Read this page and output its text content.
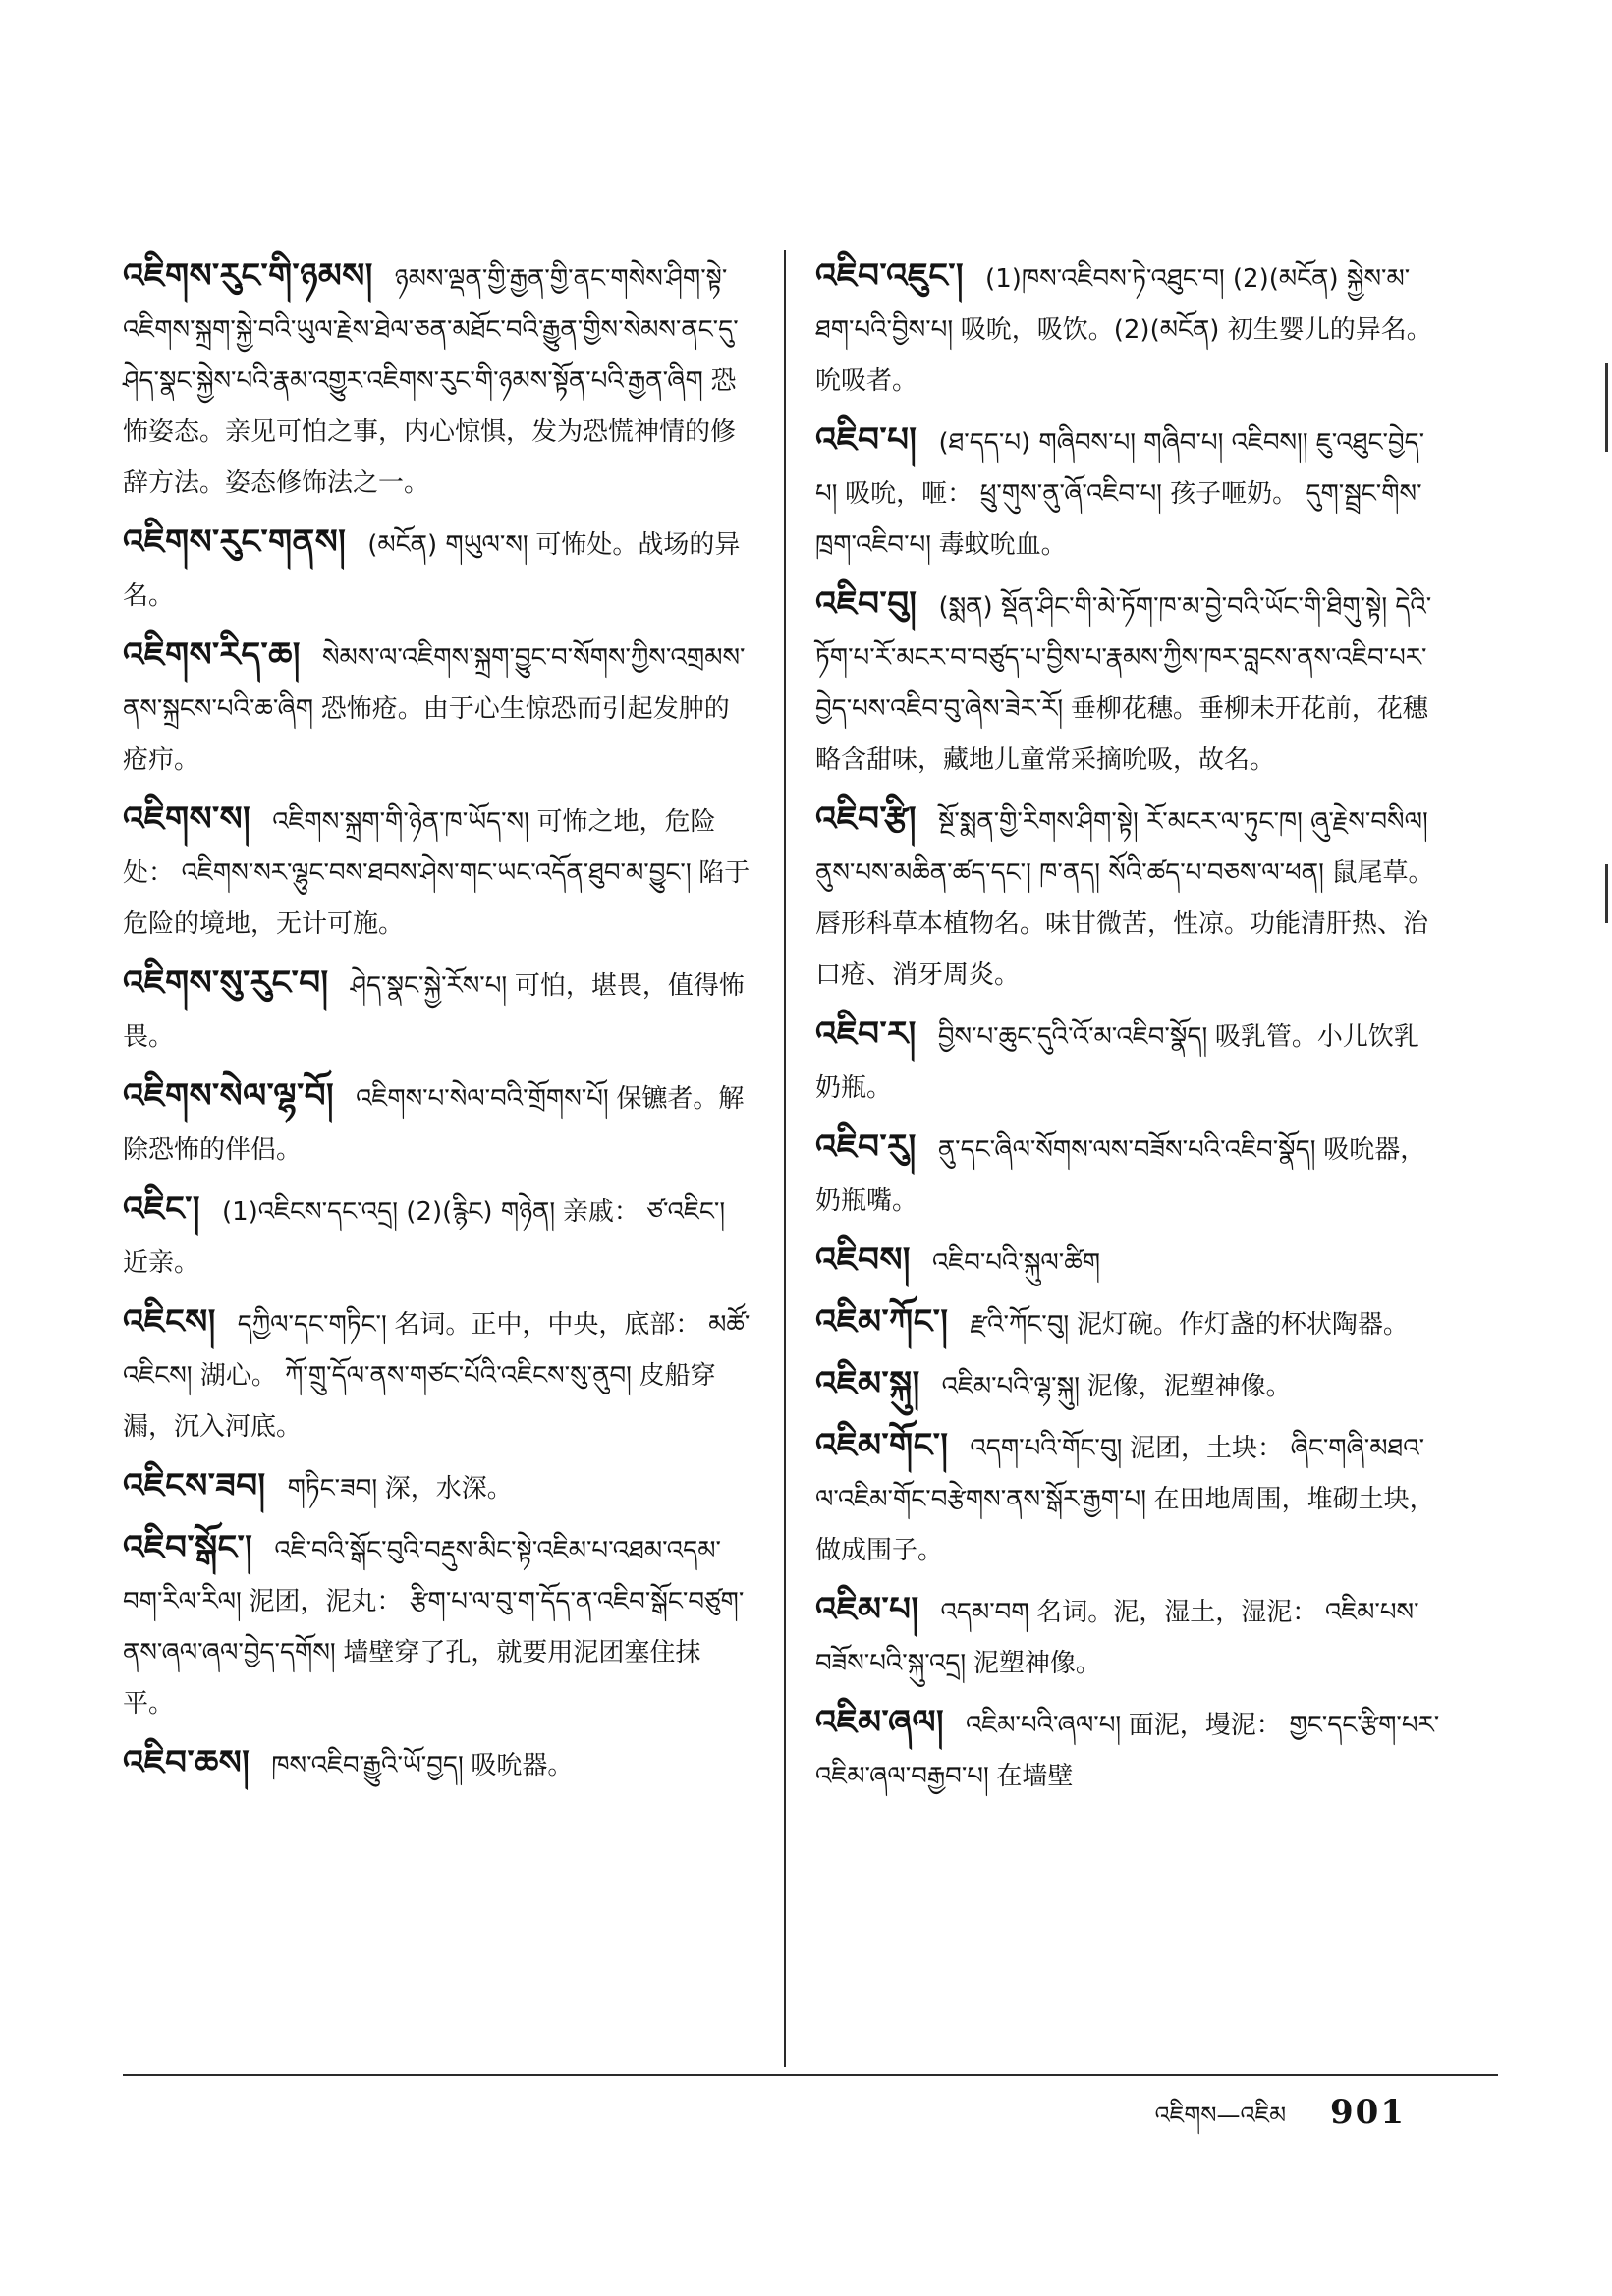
འཇིགས་རུང་གི་ཉམས། ཉམས་ལྡན་གྱི་རྒྱན་གྱི་ནང་གསེས་ཤིག་སྟེ་འཇིགས་སྐྲག་སྐྱེ་བའི་ཡུལ་རྗེས་ཐེལ་ཅན་མཐོང་བའི་རྒྱུན་གྱིས་སེམས་ནང་དུ་ཤེད་སྣང་སྐྱེས་པའི་རྣམ་འགྱུར་འཇིགས་རུང་གི་ཉམས་སྟོན་པའི་རྒྱན་ཞིག 恐怖姿态。亲见可怕之事，内心惊惧，发为恐慌神情的修辞方法。姿态修饰法之一。
འཇིགས་རུང་གནས། (མངོན) གཡུལ་ས། 可怖处。战场的异名。
འཇིགས་རིད་ཆ། སེམས་ལ་འཇིགས་སྐྲག་བྱུང་བ་སོགས་ཀྱིས་འགྲམས་ནས་སྐྲངས་པའི་ཆ་ཞིག 恐怖疮。由于心生惊恐而引起发肿的疮疖。
འཇིགས་ས། འཇིགས་སྐྲག་གི་ཉེན་ཁ་ཡོད་ས། 可怖之地，危险处： འཇིགས་སར་ལྷུང་བས་ཐབས་ཤེས་གང་ཡང་འདོན་ཐུབ་མ་བྱུང་། 陷于危险的境地，无计可施。
འཇིགས་སུ་རུང་བ། ཤེད་སྣང་སྐྱེ་རོས་པ། 可怕，堪畏，值得怖畏。
འཇིགས་སེལ་ལྷ་བོ། འཇིགས་པ་སེལ་བའི་གྲོགས་པོ། 保镳者。解除恐怖的伴侣。
འཇིང་། (1)འཇིངས་དང་འདྲ། (2)(རྙིང) གཉེན། 亲戚： ཙ་འཇིང་། 近亲。
འཇིངས། དཀྱིལ་དང་གཏིང་། 名词。正中，中央，底部： མཚོ་འཇིངས། 湖心。 ཀོ་གྲུ་དོལ་ནས་གཙང་པོའི་འཇིངས་སུ་ནུབ། 皮船穿漏，沉入河底。
འཇིངས་ཟབ། གཏིང་ཟབ། 深，水深。
འཇིབ་སྒོང་། འཇི་བའི་སྒོང་བུའི་བརྡུས་མིང་སྟེ་འཇིམ་པ་འཐམ་འདམ་བག་རིལ་རིལ། 泥团，泥丸： རྩིག་པ་ལ་བུ་ག་དོད་ན་འཇིབ་སྒོང་བཙུག་ནས་ཞལ་ཞལ་བྱེད་དགོས། 墙壁穿了孔，就要用泥团塞住抹平。
འཇིབ་ཆས། ཁས་འཇིབ་རྒྱུའི་ཡོ་བྱད། 吸吮器。
འཇིབ་འཇུང་། (1)ཁས་འཇིབས་ཏེ་འཐུང་བ། (2)(མངོན) སྐྱེས་མ་ཐག་པའི་བྱིས་པ། 吸吮，吸饮。(2)(མངོན) 初生婴儿的异名。 吮吸者。
འཇིབ་པ། (ཐ་དད་པ) གཞིབས་པ། གཞིབ་པ། འཇིབས།། ཇུ་འཐུང་བྱེད་པ། 吸吮，咂： ཕྲུ་གུས་ནུ་ཞོ་འཇིབ་པ། 孩子咂奶。 དུག་སྦྲང་གིས་ཁྲག་འཇིབ་པ། 毒蚊吮血。
འཇིབ་བུ། (སྨན) སྡོན་ཤིང་གི་མེ་ཏོག་ཁ་མ་བྱེ་བའི་ཡོང་གི་ཐིགུ་སྟེ། དེའི་ཏོག་པ་རོ་མངར་བ་བཙུད་པ་བྱིས་པ་རྣམས་ཀྱིས་ཁར་བླངས་ནས་འཇིབ་པར་བྱེད་པས་འཇིབ་བུ་ཞེས་ཟེར་རོ། 垂柳花穗。垂柳未开花前，花穗略含甜味，藏地儿童常采摘吮吸，故名。
འཇིབ་རྩི། སྔོ་སྨན་གྱི་རིགས་ཤིག་སྟེ། རོ་མངར་ལ་ཏུང་ཁ། ཞུ་རྗེས་བསིལ། ནུས་པས་མཆིན་ཚད་དང་། ཁ་ནད། སོའི་ཚད་པ་བཅས་ལ་ཕན། 鼠尾草。唇形科草本植物名。味甘微苦，性凉。功能清肝热、治口疮、消牙周炎。
འཇིབ་ར། བྱིས་པ་ཆུང་དུའི་འོ་མ་འཇིབ་སྣོད། 吸乳管。小儿饮乳奶瓶。
འཇིབ་རུ། ནུ་དང་ཞིལ་སོགས་ལས་བཟོས་པའི་འཇིབ་སྣོད། 吸吮器，奶瓶嘴。
འཇིབས། འཇིབ་པའི་སྐུལ་ཚིག
འཇིམ་ཀོང་། རྫའི་ཀོང་བུ། 泥灯碗。作灯盏的杯状陶器。
འཇིམ་སྐུ། འཇིམ་པའི་ལྷ་སྐུ། 泥像，泥塑神像。
འཇིམ་གོང་། འདག་པའི་གོང་བུ། 泥团，土块： ཞིང་གཞི་མཐའ་ལ་འཇིམ་གོང་བརྩེགས་ནས་སྒོར་རྒྱག་པ། 在田地周围，堆砌土块，做成围子。
འཇིམ་པ། འདམ་བག 名词。泥，湿土，湿泥： འཇིམ་པས་བཟོས་པའི་སྐུ་འདྲ། 泥塑神像。
འཇིམ་ཞལ། འཇིམ་པའི་ཞལ་པ། 面泥，墁泥： གྱང་དང་རྩིག་པར་འཇིམ་ཞལ་བརྒྱབ་པ། 在墙壁
འཇིགས—འཇིམ 901
